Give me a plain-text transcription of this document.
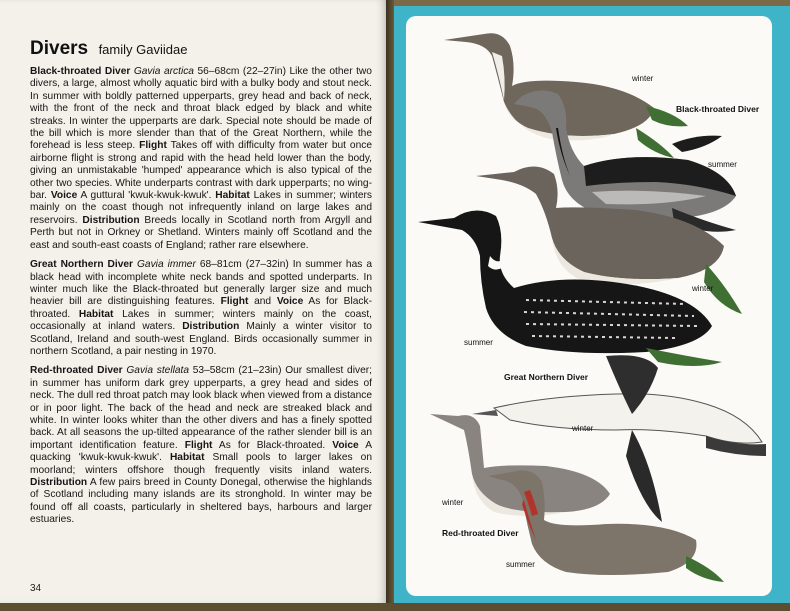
Divers family Gaviidae

Black-throated Diver Gavia arctica 56–68cm (22–27in) Like the other two divers, a large, almost wholly aquatic bird with a bulky body and stout neck. In summer with boldly patterned upperparts, grey head and back of neck, with the front of the neck and throat black edged by black and white streaks. In winter the upperparts are dark. Special note should be made of the bill which is more slender than that of the Great Northern, while the forehead is less steep. Flight Takes off with difficulty from water but once airborne flight is strong and rapid with the head held lower than the body, giving an unmistakable 'humped' appearance which is also typical of the other two species. White underparts contrast with dark upperparts; no wing-bar. Voice A guttural 'kwuk-kwuk-kwuk'. Habitat Lakes in summer; winters mainly on the coast though not infrequently inland on large lakes and reservoirs. Distribution Breeds locally in Scotland north from Argyll and Perth but not in Orkney or Shetland. Winters mainly off Scotland and the east and south-east coasts of England; rather rare elsewhere.

Great Northern Diver Gavia immer 68–81cm (27–32in) In summer has a black head with incomplete white neck bands and spotted underparts. In winter much like the Black-throated but generally larger size and much heavier bill are distinguishing features. Flight and Voice As for Black-throated. Habitat Lakes in summer; winters mainly on the coast, occasionally at inland waters. Distribution Mainly a winter visitor to Scotland, Ireland and south-west England. Birds occasionally summer in northern Scotland, a pair nesting in 1970.

Red-throated Diver Gavia stellata 53–58cm (21–23in) Our smallest diver; in summer has uniform dark grey upperparts, a grey head and sides of neck. The dull red throat patch may look black when viewed from a distance or in poor light. The back of the head and neck are streaked black and white. In winter looks whiter than the other divers and has a finely spotted back. At all seasons the up-tilted appearance of the rather slender bill is an important identification feature. Flight As for Black-throated. Voice A quacking 'kwuk-kwuk-kwuk'. Habitat Small pools to larger lakes on moorland; winters offshore though frequently visits inland waters. Distribution A few pairs breed in County Donegal, otherwise the highlands of Scotland including many islands are its stronghold. In winter may be found off all coasts, particularly in sheltered bays, harbours and larger estuaries.

34
winter
Black-throated Diver
summer
winter
summer
Great Northern Diver
winter
winter
Red-throated Diver
summer
